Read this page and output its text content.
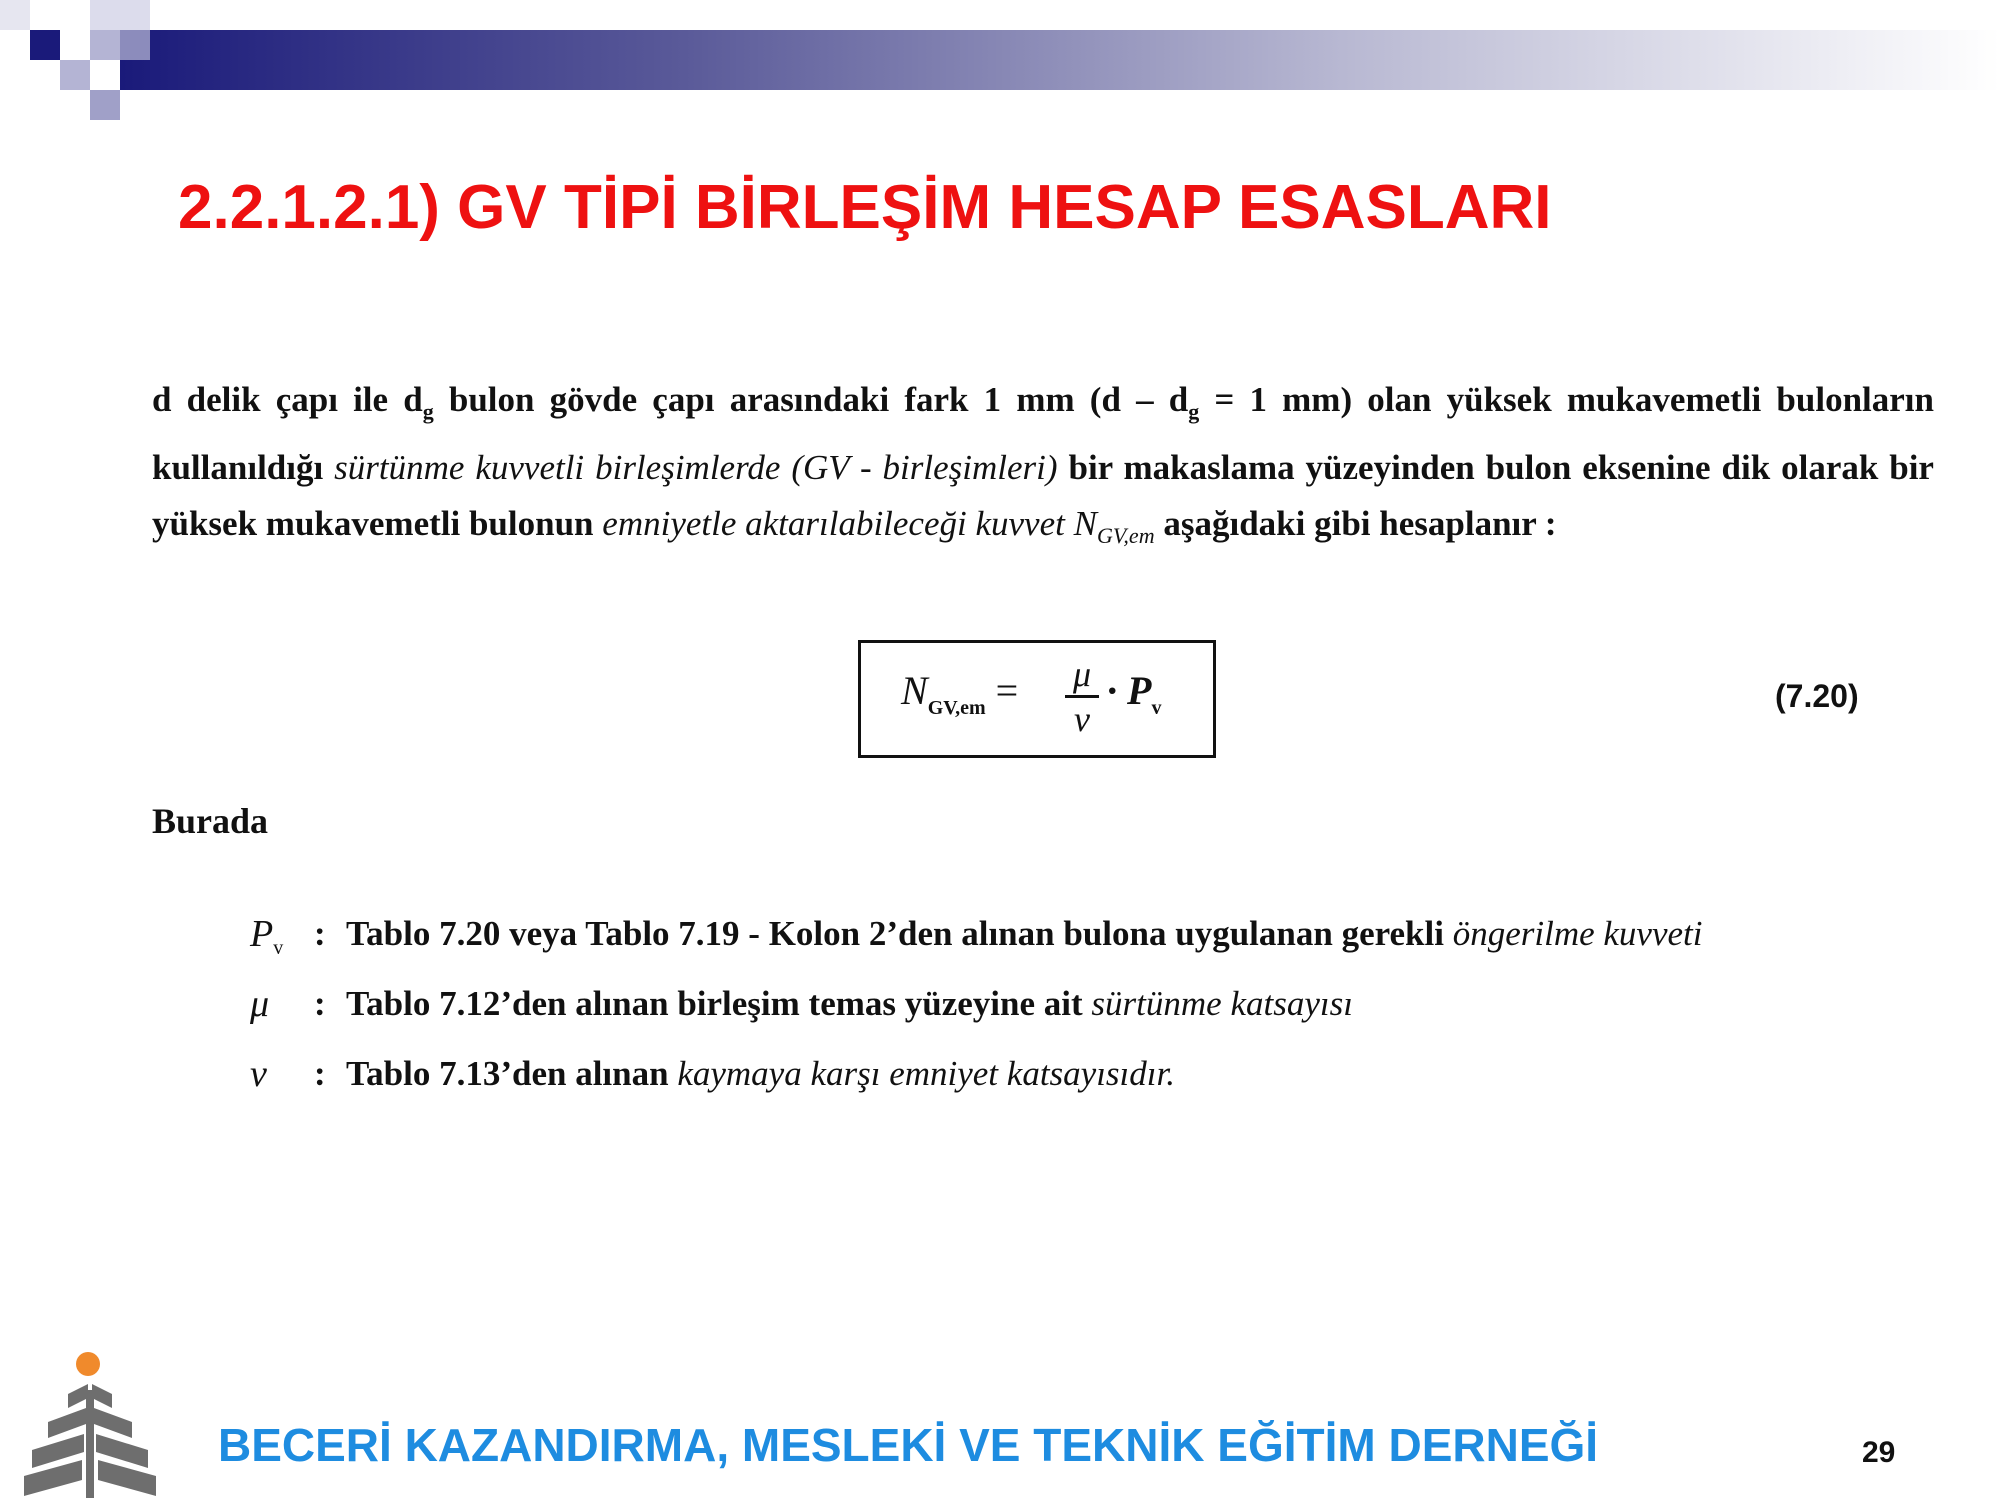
2.2.1.2.1) GV TİPİ BİRLEŞİM HESAP ESASLARI
d delik çapı ile $d_g$ bulon gövde çapı arasındaki fark 1 mm ($d - d_g = 1$ mm) olan yüksek mukavemetli bulonların kullanıldığı sürtünme kuvvetli birleşimlerde (GV - birleşimleri) bir makaslama yüzeyinden bulon eksenine dik olarak bir yüksek mukavemetli bulonun emniyetle aktarılabileceği kuvvet $N_{GV,em}$ aşağıdaki gibi hesaplanır :
$N_{GV,em} = \frac{\mu}{\nu} \cdot P_v$	(7.20)
Burada
$P_v$ : Tablo 7.20 veya Tablo 7.19 - Kolon 2’den alınan bulona uygulanan gerekli öngerilme kuvveti
μ	: Tablo 7.12’den alınan birleşim temas yüzeyine ait sürtünme katsayısı
ν	: Tablo 7.13’den alınan kaymaya karşı emniyet katsayısıdır.
BECERİ KAZANDIRMA, MESLEKİ VE TEKNİK EĞİTİM DERNEĞİ	29
